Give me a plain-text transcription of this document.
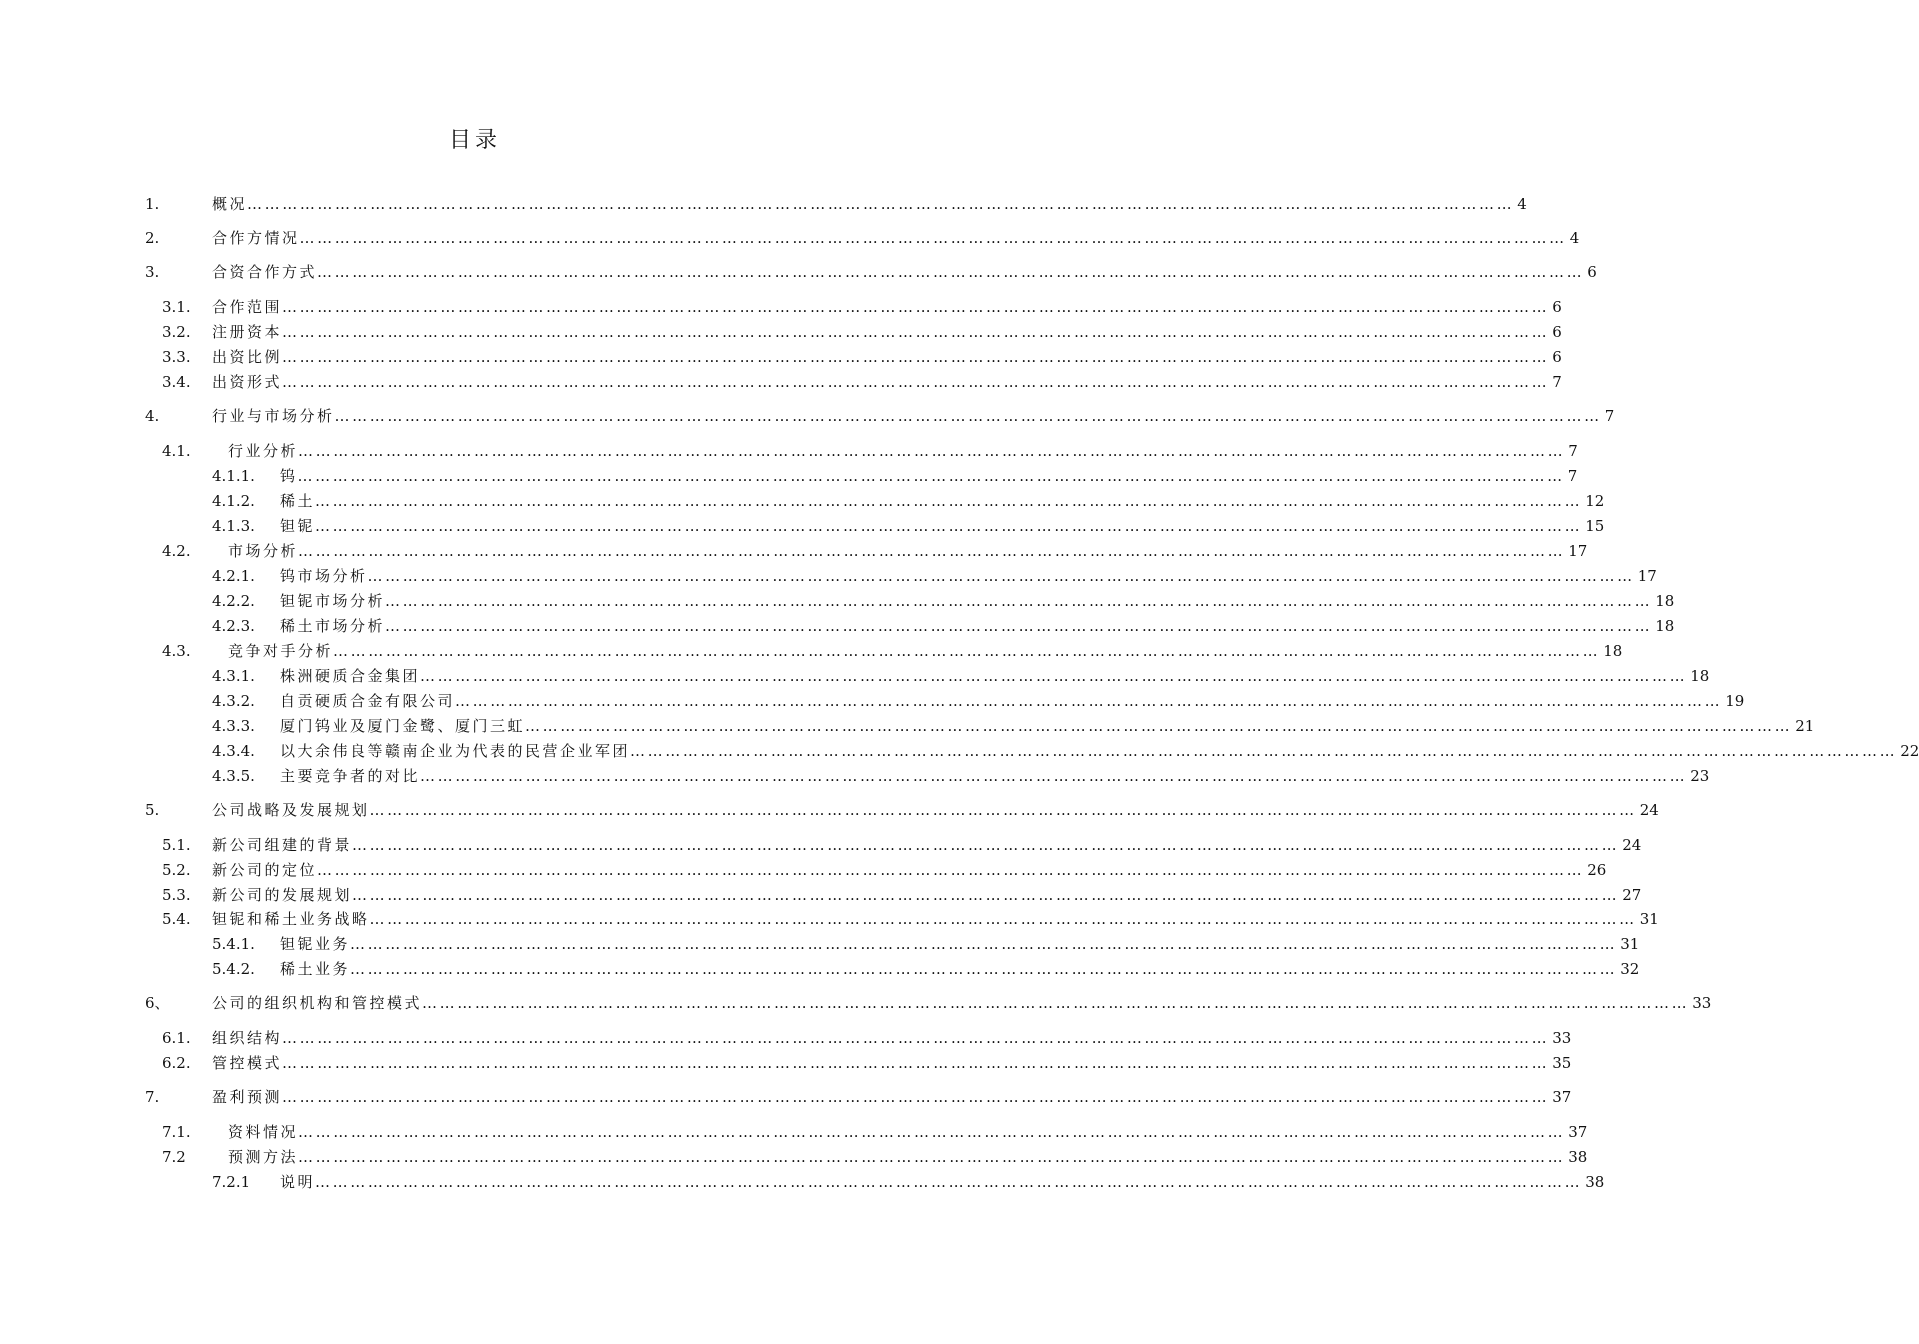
目录
1.	概况 ……………………………………………………………………………………………………………………………………………………………………………………………… 4
2.	合作方情况 ……………………………………………………………………………………………………………………………………………………………………………………………… 4
3.	合资合作方式 ……………………………………………………………………………………………………………………………………………………………………………………………… 6
3.1. 合作范围 ……………………………………………………………………………………………………………………………………………………………………………………………… 6
3.2. 注册资本 ……………………………………………………………………………………………………………………………………………………………………………………………… 6
3.3. 出资比例 ……………………………………………………………………………………………………………………………………………………………………………………………… 6
3.4. 出资形式 ……………………………………………………………………………………………………………………………………………………………………………………………… 7
4.	行业与市场分析 ……………………………………………………………………………………………………………………………………………………………………………………………… 7
4.1. 行业分析 ……………………………………………………………………………………………………………………………………………………………………………………………… 7
4.1.1. 钨 ……………………………………………………………………………………………………………………………………………………………………………………………… 7
4.1.2. 稀土 ……………………………………………………………………………………………………………………………………………………………………………………………… 12
4.1.3. 钽铌 ……………………………………………………………………………………………………………………………………………………………………………………………… 15
4.2. 市场分析 ……………………………………………………………………………………………………………………………………………………………………………………………… 17
4.2.1. 钨市场分析 ……………………………………………………………………………………………………………………………………………………………………………………………… 17
4.2.2. 钽铌市场分析 ……………………………………………………………………………………………………………………………………………………………………………………………… 18
4.2.3. 稀土市场分析 ……………………………………………………………………………………………………………………………………………………………………………………………… 18
4.3. 竞争对手分析 ……………………………………………………………………………………………………………………………………………………………………………………………… 18
4.3.1. 株洲硬质合金集团 ……………………………………………………………………………………………………………………………………………………………………………………………… 18
4.3.2. 自贡硬质合金有限公司 ……………………………………………………………………………………………………………………………………………………………………………………………… 19
4.3.3. 厦门钨业及厦门金鹭、厦门三虹 ……………………………………………………………………………………………………………………………………………………………………………………………… 21
4.3.4. 以大余伟良等赣南企业为代表的民营企业军团 ……………………………………………………………………………………………………………………………………………………………………………………………… 22
4.3.5. 主要竞争者的对比 ……………………………………………………………………………………………………………………………………………………………………………………………… 23
5.	公司战略及发展规划 ……………………………………………………………………………………………………………………………………………………………………………………………… 24
5.1. 新公司组建的背景 ……………………………………………………………………………………………………………………………………………………………………………………………… 24
5.2. 新公司的定位 ……………………………………………………………………………………………………………………………………………………………………………………………… 26
5.3. 新公司的发展规划 ……………………………………………………………………………………………………………………………………………………………………………………………… 27
5.4. 钽铌和稀土业务战略 ……………………………………………………………………………………………………………………………………………………………………………………………… 31
5.4.1. 钽铌业务 ……………………………………………………………………………………………………………………………………………………………………………………………… 31
5.4.2. 稀土业务 ……………………………………………………………………………………………………………………………………………………………………………………………… 32
6、	公司的组织机构和管控模式 ……………………………………………………………………………………………………………………………………………………………………………………………… 33
6.1. 组织结构 ……………………………………………………………………………………………………………………………………………………………………………………………… 33
6.2. 管控模式 ……………………………………………………………………………………………………………………………………………………………………………………………… 35
7.	盈利预测 ……………………………………………………………………………………………………………………………………………………………………………………………… 37
7.1. 资料情况 ……………………………………………………………………………………………………………………………………………………………………………………………… 37
7.2	预测方法 ……………………………………………………………………………………………………………………………………………………………………………………………… 38
7.2.1 说明 ……………………………………………………………………………………………………………………………………………………………………………………………… 38
